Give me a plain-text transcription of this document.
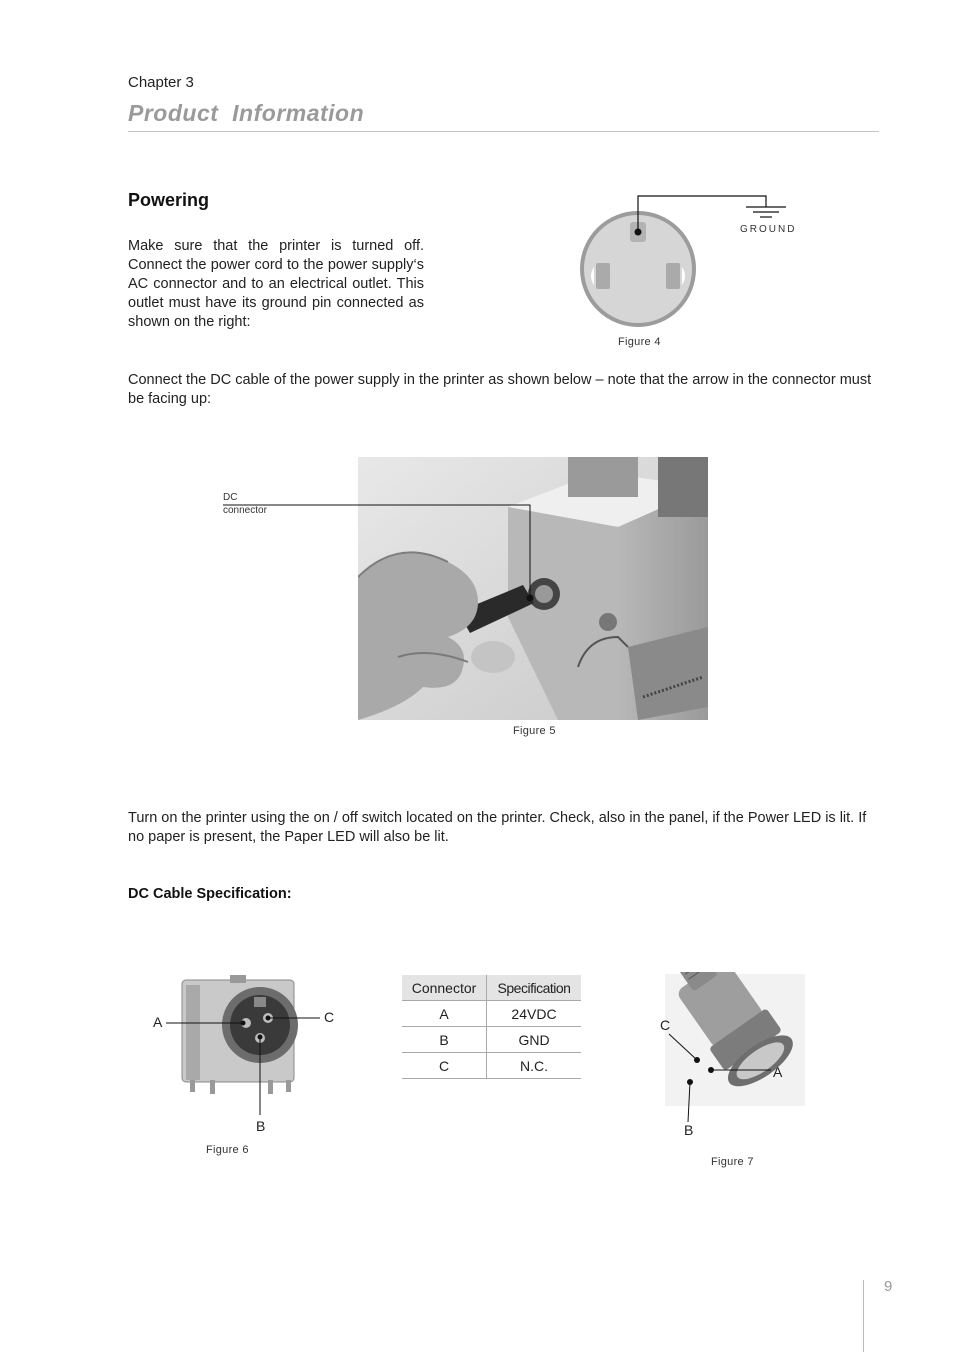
Chapter 3
Product  Information
Powering
Make sure that the printer is turned off. Connect the power cord to the power supply‘s AC connector and to an electrical outlet. This outlet must have its ground pin connected as shown on the right:
GROUND
Figure 4
Connect the DC cable of the power supply in the printer as shown below – note that the arrow in the connector must be facing up:
DC
connector
Figure 5
Turn on the printer using the on / off switch located on the printer. Check, also in the panel, if the Power LED is lit. If no paper is present, the Paper LED will also be lit.
DC Cable Specification:
A	C
B
Figure 6
Connector	Specification
A	24VDC
B	GND
C	N.C.
C
A
B
Figure 7
9
